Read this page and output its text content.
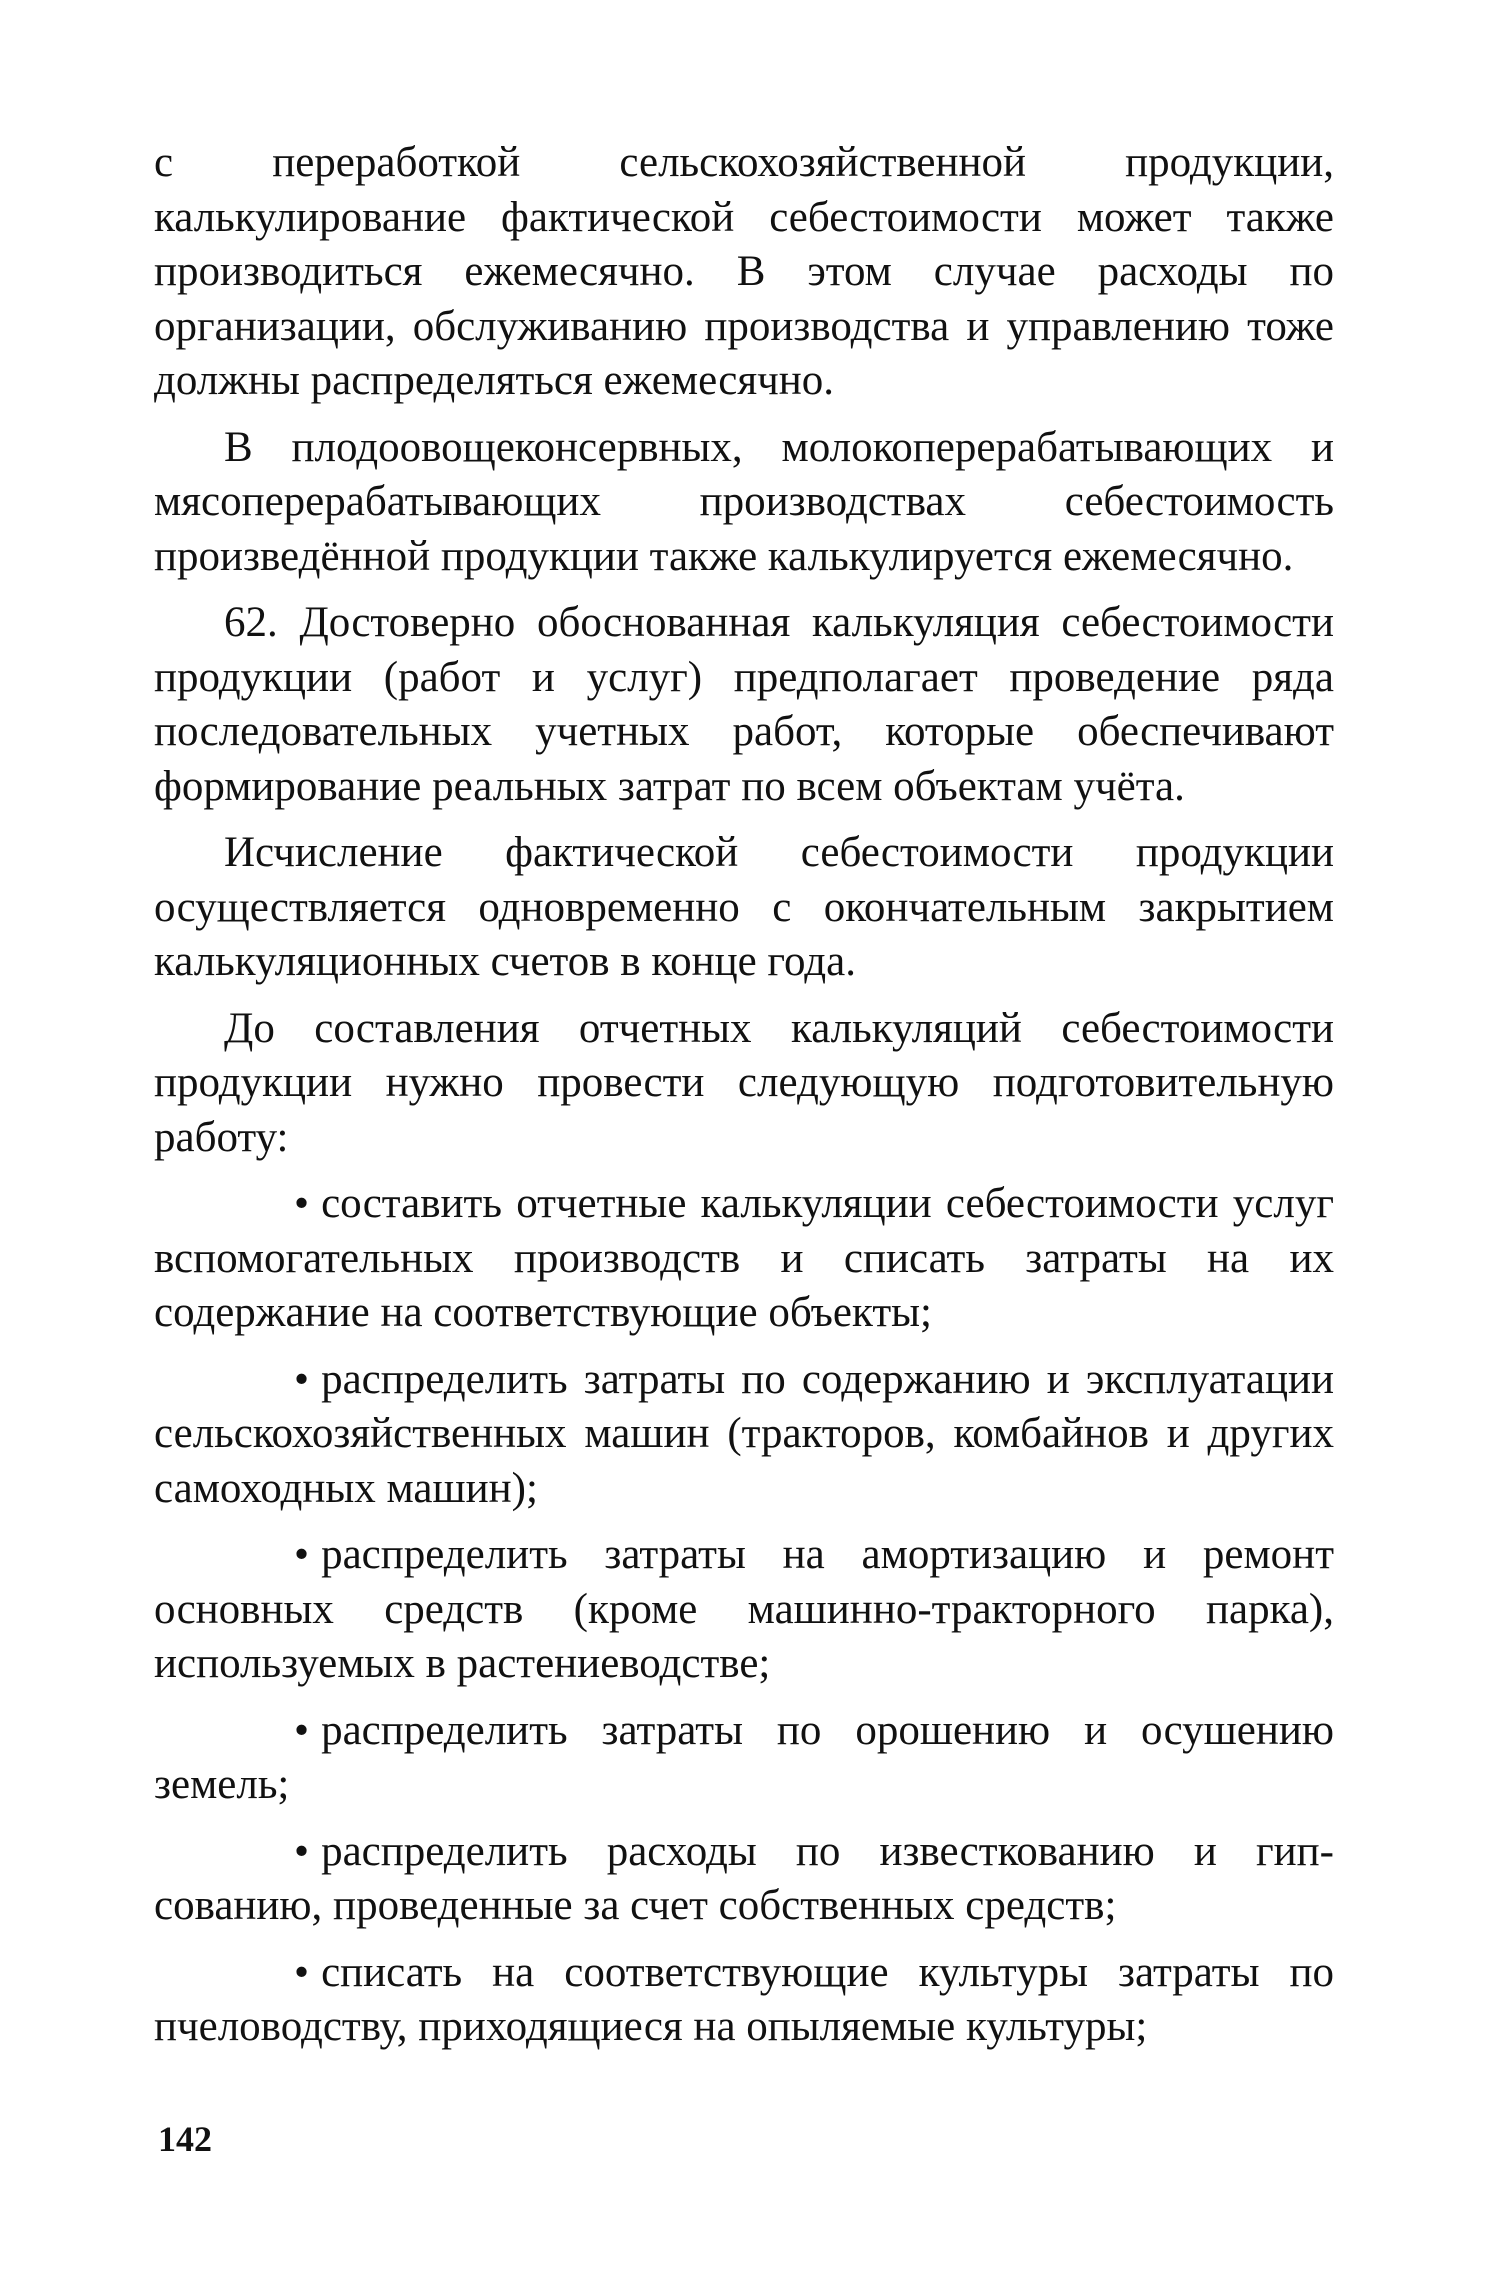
с переработкой сельскохозяйственной продукции, калькулирование фактической себестоимости может также производиться ежемесячно. В этом случае расходы по организации, обслуживанию производства и управлению тоже должны распределяться ежемесячно.

В плодоовощеконсервных, молокоперерабатывающих и мясоперерабатывающих производствах себестоимость произведённой продукции также калькулируется ежемесячно.

62. Достоверно обоснованная калькуляция себестоимости продукции (работ и услуг) предполагает проведение ряда последовательных учетных работ, которые обеспечивают формирование реальных затрат по всем объектам учёта.

Исчисление фактической себестоимости продукции осуществляется одновременно с окончательным закрытием калькуляционных счетов в конце года.

До составления отчетных калькуляций себестоимости продукции нужно провести следующую подготовительную работу:

• составить отчетные калькуляции себестоимости услуг вспомогательных производств и списать затраты на их содержание на соответствующие объекты;

• распределить затраты по содержанию и эксплуатации сельскохозяйственных машин (тракторов, комбайнов и других самоходных машин);

• распределить затраты на амортизацию и ремонт основных средств (кроме машинно-тракторного парка), используемых в растениеводстве;

• распределить затраты по орошению и осушению земель;

• распределить расходы по известкованию и гипсованию, проведенные за счет собственных средств;

• списать на соответствующие культуры затраты по пчеловодству, приходящиеся на опыляемые культуры;

142
